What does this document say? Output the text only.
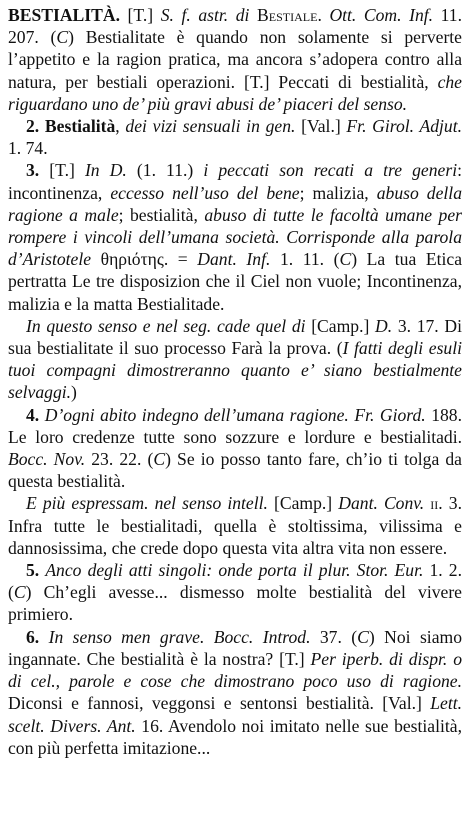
BESTIALITÀ. [T.] S. f. astr. di Bestiale. Ott. Com. Inf. 11. 207. (C) Bestialitate è quando non solamente si perverte l’appetito e la ragion pratica, ma ancora s’adopera contro alla natura, per bestiali operazioni. [T.] Peccati di bestialità, che riguardano uno de’ più gravi abusi de’ piaceri del senso.

2. Bestialità, dei vizi sensuali in gen. [Val.] Fr. Girol. Adjut. 1. 74.

3. [T.] In D. (1. 11.) i peccati son recati a tre generi: incontinenza, eccesso nell’uso del bene; malizia, abuso della ragione a male; bestialità, abuso di tutte le facoltà umane per rompere i vincoli dell’umana società. Corrisponde alla parola d’Aristotele θηριότης. = Dant. Inf. 1. 11. (C) La tua Etica pertratta Le tre disposizion che il Ciel non vuole; Incontinenza, malizia e la matta Bestialitade.

In questo senso e nel seg. cade quel di [Camp.] D. 3. 17. Di sua bestialitate il suo processo Farà la prova. (I fatti degli esuli tuoi compagni dimostreranno quanto e’ siano bestialmente selvaggi.)

4. D’ogni abito indegno dell’umana ragione. Fr. Giord. 188. Le loro credenze tutte sono sozzure e lordure e bestialitadi. Bocc. Nov. 23. 22. (C) Se io posso tanto fare, ch’io ti tolga da questa bestialità.

E più espressam. nel senso intell. [Camp.] Dant. Conv. ii. 3. Infra tutte le bestialitadi, quella è stoltissima, vilissima e dannosissima, che crede dopo questa vita altra vita non essere.

5. Anco degli atti singoli: onde porta il plur. Stor. Eur. 1. 2. (C) Ch’egli avesse... dismesso molte bestialità del vivere primiero.

6. In senso men grave. Bocc. Introd. 37. (C) Noi siamo ingannate. Che bestialità è la nostra? [T.] Per iperb. di dispr. o di cel., parole e cose che dimostrano poco uso di ragione. Diconsi e fannosi, veggonsi e sentonsi bestialità. [Val.] Lett. scelt. Divers. Ant. 16. Avendolo noi imitato nelle sue bestialità, con più perfetta imitazione...
